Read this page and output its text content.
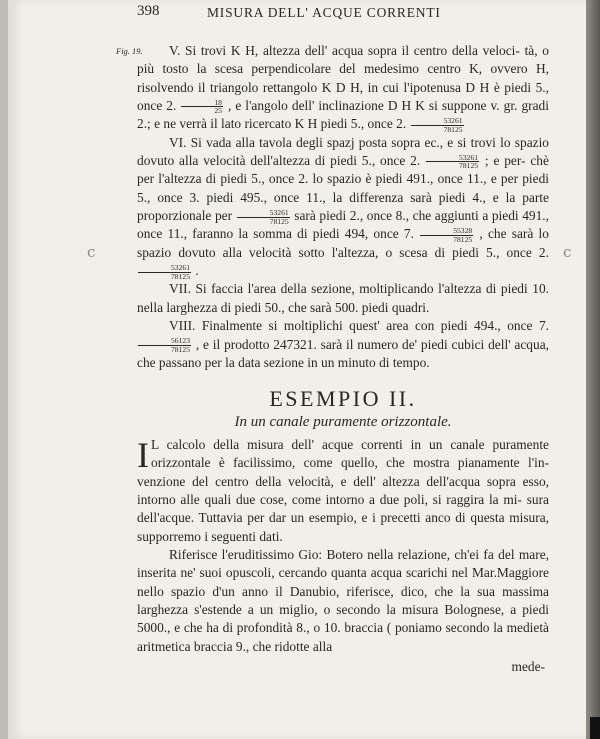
398	MISURA DELL' ACQUE CORRENTI
Fig. 19.
c	c

V. Si trovi K H, altezza dell' acqua sopra il centro della veloci- tà, o più tosto la scesa perpendicolare del medesimo centro K, ovvero H, risolvendo il triangolo rettangolo K D H, in cui l'ipotenusa D H è piedi 5., once 2. $\frac{18}{25}$ , e l'angolo dell' inclinazione D H K si suppone v. gr. gradi 2.; e ne verrà il lato ricercato K H piedi 5., once 2. $\frac{53261}{78125}$

VI. Si vada alla tavola degli spazj posta sopra ec., e si trovi lo spazio dovuto alla velocità dell'altezza di piedi 5., once 2. $\frac{53261}{78125}$ ; e per- chè per l'altezza di piedi 5., once 2. lo spazio è piedi 491., once 11., e per piedi 5., once 3. piedi 495., once 11., la differenza sarà piedi 4., e la parte proporzionale per $\frac{53261}{78125}$ sarà piedi 2., once 8., che aggiunti a piedi 491., once 11., faranno la somma di piedi 494, once 7. $\frac{55328}{78125}$ , che sarà lo spazio dovuto alla velocità sotto l'altezza, o scesa di piedi 5., once 2.
$\frac{53261}{78125}$ .

VII. Si faccia l'area della sezione, moltiplicando l'altezza di piedi 10. nella larghezza di piedi 50., che sarà 500. piedi quadri.

VIII. Finalmente si moltiplichi quest' area con piedi 494., once 7.
$\frac{56123}{78125}$ , e il prodotto 247321. sarà il numero de' piedi cubici dell' acqua, che passano per la data sezione in un minuto di tempo.

ESEMPIO II.
In un canale puramente orizzontale.

I L calcolo della misura dell' acque correnti in un canale puramente orizzontale è facilissimo, come quello, che mostra pianamente l'in- venzione del centro della velocità, e dell' altezza dell'acqua sopra esso, intorno alle quali due cose, come intorno a due poli, si raggira la mi- sura dell'acque. Tuttavia per dar un esempio, e i precetti anco di questa misura, supporremo i seguenti dati.

Riferisce l'eruditissimo Gio: Botero nella relazione, ch'ei fa del mare, inserita ne' suoi opuscoli, cercando quanta acqua scarichi nel Mar.Maggiore nello spazio d'un anno il Danubio, riferisce, dico, che la sua massima larghezza s'estende a un miglio, o secondo la misura Bolognese, a piedi 5000., e che ha di profondità 8., o 10. braccia ( poniamo secondo la medietà aritmetica braccia 9., che ridotte alla

mede-
